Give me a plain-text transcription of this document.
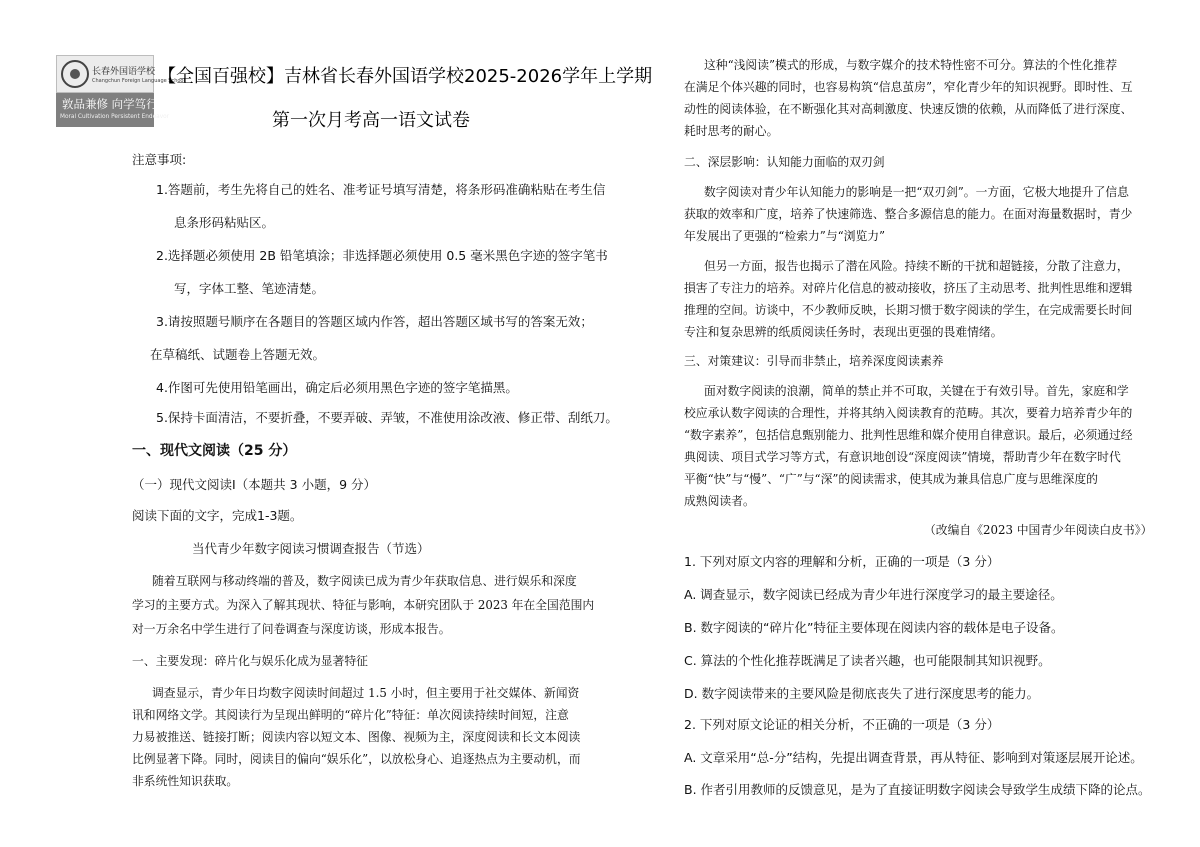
长春外国语学校
Changchun Foreign Language School
敦品兼修 向学笃行
Moral Cultivation Persistent Endeavor
【全国百强校】吉林省长春外国语学校2025-2026学年上学期
第一次月考高一语文试卷
注意事项:
1.答题前，考生先将自己的姓名、准考证号填写清楚，将条形码准确粘贴在考生信
息条形码粘贴区。
2.选择题必须使用 2B 铅笔填涂；非选择题必须使用 0.5 毫米黑色字迹的签字笔书
写，字体工整、笔迹清楚。
3.请按照题号顺序在各题目的答题区域内作答，超出答题区域书写的答案无效；
在草稿纸、试题卷上答题无效。
4.作图可先使用铅笔画出，确定后必须用黑色字迹的签字笔描黑。
5.保持卡面清洁，不要折叠，不要弄破、弄皱，不准使用涂改液、修正带、刮纸刀。
一、现代文阅读（25 分）
（一）现代文阅读Ⅰ（本题共 3 小题，9 分）
阅读下面的文字，完成1-3题。
当代青少年数字阅读习惯调查报告（节选）
随着互联网与移动终端的普及，数字阅读已成为青少年获取信息、进行娱乐和深度
学习的主要方式。为深入了解其现状、特征与影响，本研究团队于 2023 年在全国范围内
对一万余名中学生进行了问卷调查与深度访谈，形成本报告。
一、主要发现：碎片化与娱乐化成为显著特征
调查显示，青少年日均数字阅读时间超过 1.5 小时，但主要用于社交媒体、新闻资
讯和网络文学。其阅读行为呈现出鲜明的“碎片化”特征：单次阅读持续时间短，注意
力易被推送、链接打断；阅读内容以短文本、图像、视频为主，深度阅读和长文本阅读
比例显著下降。同时，阅读目的偏向“娱乐化”，以放松身心、追逐热点为主要动机，而
非系统性知识获取。
这种“浅阅读”模式的形成，与数字媒介的技术特性密不可分。算法的个性化推荐
在满足个体兴趣的同时，也容易构筑“信息茧房”，窄化青少年的知识视野。即时性、互
动性的阅读体验，在不断强化其对高刺激度、快速反馈的依赖，从而降低了进行深度、
耗时思考的耐心。
二、深层影响：认知能力面临的双刃剑
数字阅读对青少年认知能力的影响是一把“双刃剑”。一方面，它极大地提升了信息
获取的效率和广度，培养了快速筛选、整合多源信息的能力。在面对海量数据时，青少
年发展出了更强的“检索力”与“浏览力”
但另一方面，报告也揭示了潜在风险。持续不断的干扰和超链接，分散了注意力，
損害了专注力的培养。对碎片化信息的被动接收，挤压了主动思考、批判性思维和逻辑
推理的空间。访谈中，不少教师反映，长期习惯于数字阅读的学生，在完成需要长时间
专注和复杂思辨的纸质阅读任务时，表现出更强的畏难情绪。
三、对策建议：引导而非禁止，培养深度阅读素养
面对数字阅读的浪潮，简单的禁止并不可取，关键在于有效引导。首先，家庭和学
校应承认数字阅读的合理性，并将其纳入阅读教育的范畴。其次，要着力培养青少年的
“数字素养”，包括信息甄别能力、批判性思维和媒介使用自律意识。最后，必须通过经
典阅读、项目式学习等方式，有意识地创设“深度阅读”情境，帮助青少年在数字时代
平衡“快”与“慢”、“广”与“深”的阅读需求，使其成为兼具信息广度与思维深度的
成熟阅读者。
（改编自《2023 中国青少年阅读白皮书》）
1. 下列对原文内容的理解和分析，正确的一项是（3 分）
A. 调查显示，数字阅读已经成为青少年进行深度学习的最主要途径。
B. 数字阅读的“碎片化”特征主要体现在阅读内容的载体是电子设备。
C. 算法的个性化推荐既满足了读者兴趣，也可能限制其知识视野。
D. 数字阅读带来的主要风险是彻底丧失了进行深度思考的能力。
2. 下列对原文论证的相关分析，不正确的一项是（3 分）
A. 文章采用“总-分”结构，先提出调查背景，再从特征、影响到对策逐层展开论述。
B. 作者引用教师的反馈意见，是为了直接证明数字阅读会导致学生成绩下降的论点。
